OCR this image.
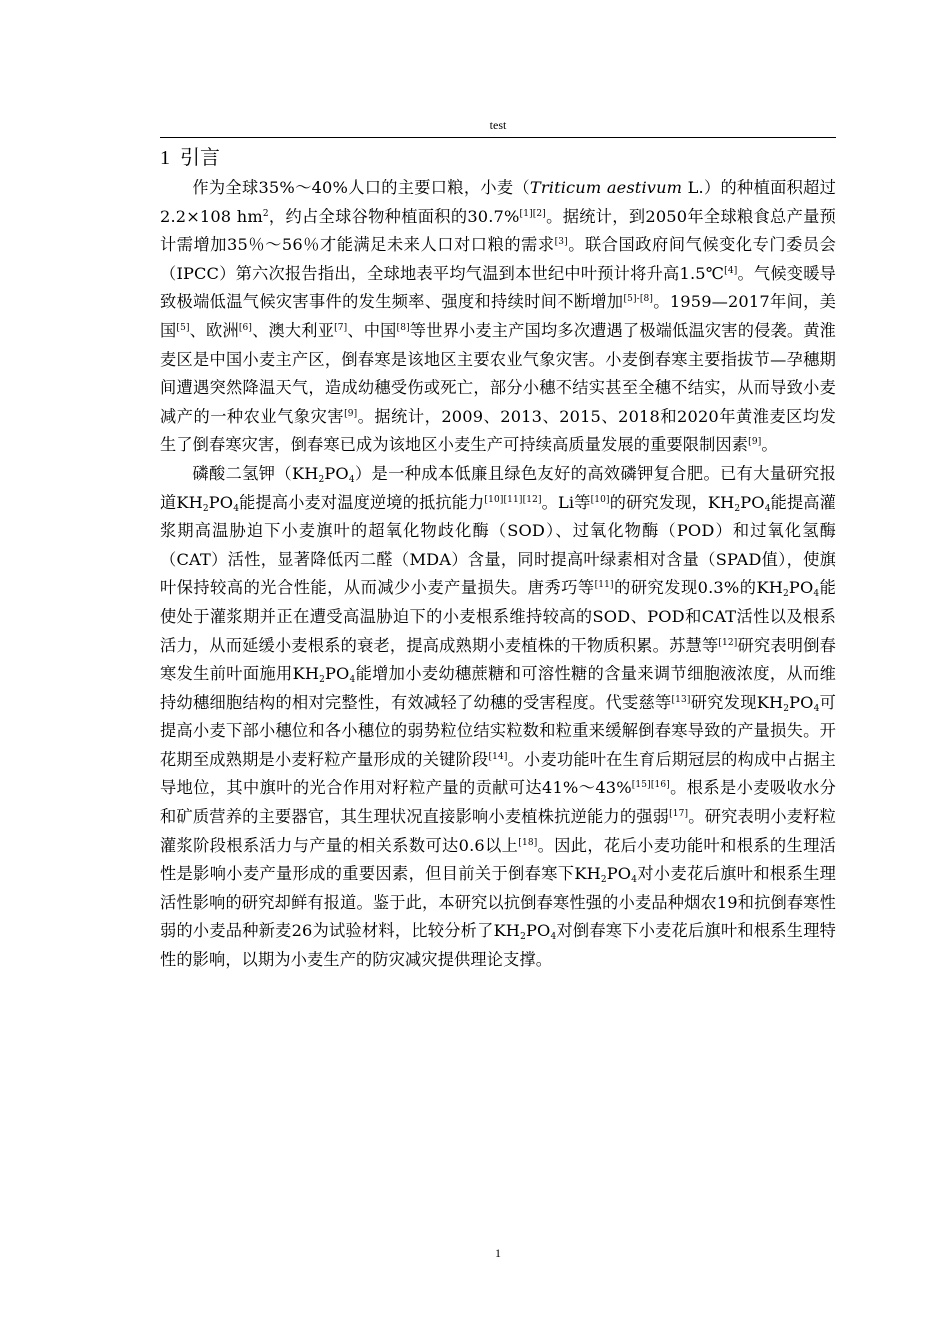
test
1 引言

作为全球35%～40%人口的主要口粮，小麦（Triticum aestivum L.）的种植面积超过2.2×108 $hm^2$，约占全球谷物种植面积的30.7%[1][2]。据统计，到2050年全球粮食总产量预计需增加35％～56％才能满足未来人口对口粮的需求[3]。联合国政府间气候变化专门委员会（IPCC）第六次报告指出，全球地表平均气温到本世纪中叶预计将升高1.5℃[4]。气候变暖导致极端低温气候灾害事件的发生频率、强度和持续时间不断增加[5]-[8]。1959—2017年间，美国[5]、欧洲[6]、澳大利亚[7]、中国[8]等世界小麦主产国均多次遭遇了极端低温灾害的侵袭。黄淮麦区是中国小麦主产区，倒春寒是该地区主要农业气象灾害。小麦倒春寒主要指拔节—孕穗期间遭遇突然降温天气，造成幼穗受伤或死亡，部分小穗不结实甚至全穗不结实，从而导致小麦减产的一种农业气象灾害[9]。据统计，2009、2013、2015、2018和2020年黄淮麦区均发生了倒春寒灾害，倒春寒已成为该地区小麦生产可持续高质量发展的重要限制因素[9]。

磷酸二氢钾$(KH_2PO_4)$是一种成本低廉且绿色友好的高效磷钾复合肥。已有大量研究报道$KH_2PO_4$能提高小麦对温度逆境的抵抗能力[10][11][12]。Li等[10]的研究发现，$KH_2PO_4$能提高灌浆期高温胁迫下小麦旗叶的超氧化物歧化酶（SOD）、过氧化物酶（POD）和过氧化氢酶（CAT）活性，显著降低丙二醛（MDA）含量，同时提高叶绿素相对含量（SPAD值），使旗叶保持较高的光合性能，从而减少小麦产量损失。唐秀巧等[11]的研究发现0.3%的$KH_2PO_4$能使处于灌浆期并正在遭受高温胁迫下的小麦根系维持较高的SOD、POD和CAT活性以及根系活力，从而延缓小麦根系的衰老，提高成熟期小麦植株的干物质积累。苏慧等[12]研究表明倒春寒发生前叶面施用$KH_2PO_4$能增加小麦幼穗蔗糖和可溶性糖的含量来调节细胞液浓度，从而维持幼穗细胞结构的相对完整性，有效减轻了幼穗的受害程度。代雯慈等[13]研究发现$KH_2PO_4$可提高小麦下部小穗位和各小穗位的弱势粒位结实粒数和粒重来缓解倒春寒导致的产量损失。开花期至成熟期是小麦籽粒产量形成的关键阶段[14]。小麦功能叶在生育后期冠层的构成中占据主导地位，其中旗叶的光合作用对籽粒产量的贡献可达41%～43%[15][16]。根系是小麦吸收水分和矿质营养的主要器官，其生理状况直接影响小麦植株抗逆能力的强弱[17]。研究表明小麦籽粒灌浆阶段根系活力与产量的相关系数可达0.6以上[18]。因此，花后小麦功能叶和根系的生理活性是影响小麦产量形成的重要因素，但目前关于倒春寒下$KH_2PO_4$对小麦花后旗叶和根系生理活性影响的研究却鲜有报道。鉴于此，本研究以抗倒春寒性强的小麦品种烟农19和抗倒春寒性弱的小麦品种新麦26为试验材料，比较分析了$KH_2PO_4$对倒春寒下小麦花后旗叶和根系生理特性的影响，以期为小麦生产的防灾减灾提供理论支撑。

1
